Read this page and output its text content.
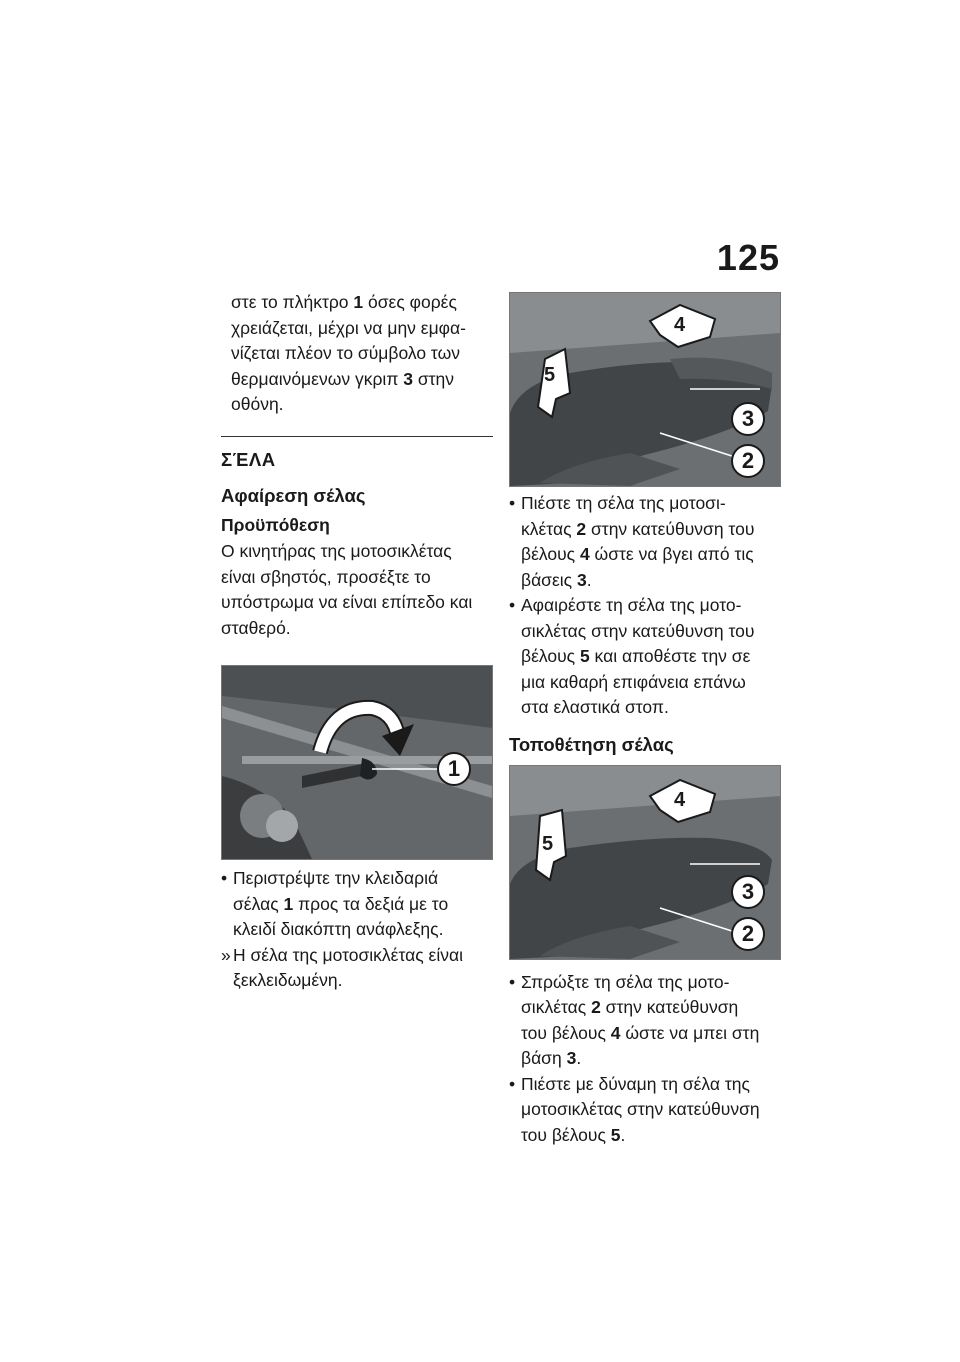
125

στε το πλήκτρο 1 όσες φορές
χρειάζεται, μέχρι να μην εμφα-
νίζεται πλέον το σύμβολο των
θερμαινόμενων γκριπ 3 στην
οθόνη.

ΣΈΛΑ
Αφαίρεση σέλας
Προϋπόθεση

Ο κινητήρας της μοτοσικλέτας
είναι σβηστός, προσέξτε το
υπόστρωμα να είναι επίπεδο και
σταθερό.

1

• Περιστρέψτε την κλειδαριά
σέλας 1 προς τα δεξιά με το
κλειδί διακόπτη ανάφλεξης.

» Η σέλα της μοτοσικλέτας είναι
ξεκλειδωμένη.

5
4
3
2

• Πιέστε τη σέλα της μοτοσι-
κλέτας 2 στην κατεύθυνση του
βέλους 4 ώστε να βγει από τις
βάσεις 3.

• Αφαιρέστε τη σέλα της μοτο-
σικλέτας στην κατεύθυνση του
βέλους 5 και αποθέστε την σε
μια καθαρή επιφάνεια επάνω
στα ελαστικά στοπ.

Τοποθέτηση σέλας
5
4
3
2

• Σπρώξτε τη σέλα της μοτο-
σικλέτας 2 στην κατεύθυνση
του βέλους 4 ώστε να μπει στη
βάση 3.

• Πιέστε με δύναμη τη σέλα της
μοτοσικλέτας στην κατεύθυνση
του βέλους 5.
